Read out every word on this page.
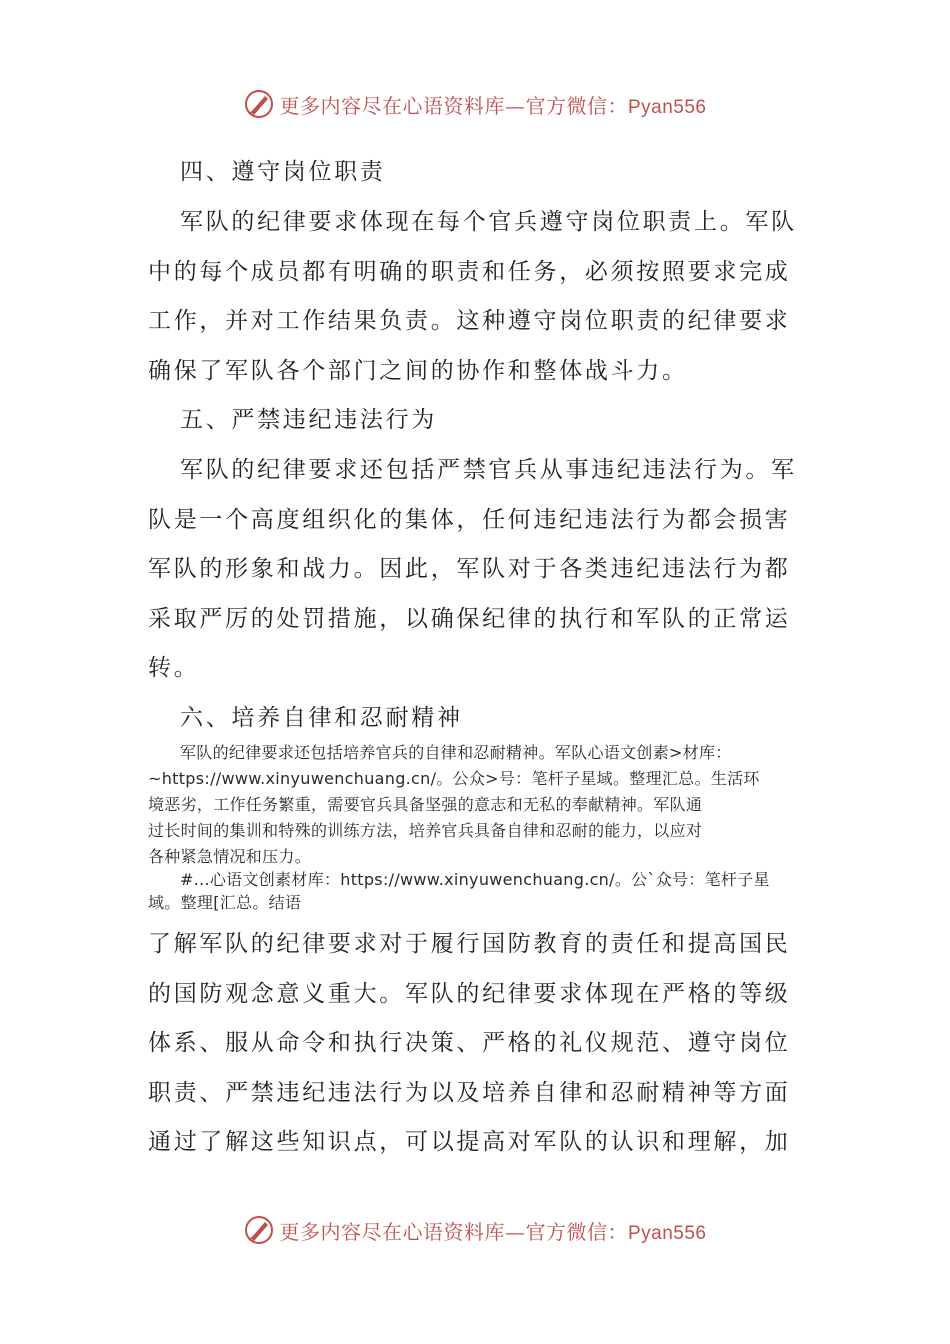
更多内容尽在心语资料库—官方微信：Pyan556
四、遵守岗位职责
军队的纪律要求体现在每个官兵遵守岗位职责上。军队
中的每个成员都有明确的职责和任务，必须按照要求完成
工作，并对工作结果负责。这种遵守岗位职责的纪律要求
确保了军队各个部门之间的协作和整体战斗力。
五、严禁违纪违法行为
军队的纪律要求还包括严禁官兵从事违纪违法行为。军
队是一个高度组织化的集体，任何违纪违法行为都会损害
军队的形象和战力。因此，军队对于各类违纪违法行为都
采取严厉的处罚措施，以确保纪律的执行和军队的正常运
转。
六、培养自律和忍耐精神
军队的纪律要求还包括培养官兵的自律和忍耐精神。军队心语文创素>材库：
~https://www.xinyuwenchuang.cn/。公众>号：笔杆子星域。整理汇总。生活环
境恶劣，工作任务繁重，需要官兵具备坚强的意志和无私的奉献精神。军队通
过长时间的集训和特殊的训练方法，培养官兵具备自律和忍耐的能力，以应对
各种紧急情况和压力。
#...心语文创素材库：https://www.xinyuwenchuang.cn/。公`众号：笔杆子星
域。整理[汇总。结语
了解军队的纪律要求对于履行国防教育的责任和提高国民
的国防观念意义重大。军队的纪律要求体现在严格的等级
体系、服从命令和执行决策、严格的礼仪规范、遵守岗位
职责、严禁违纪违法行为以及培养自律和忍耐精神等方面
通过了解这些知识点，可以提高对军队的认识和理解，加
更多内容尽在心语资料库—官方微信：Pyan556
